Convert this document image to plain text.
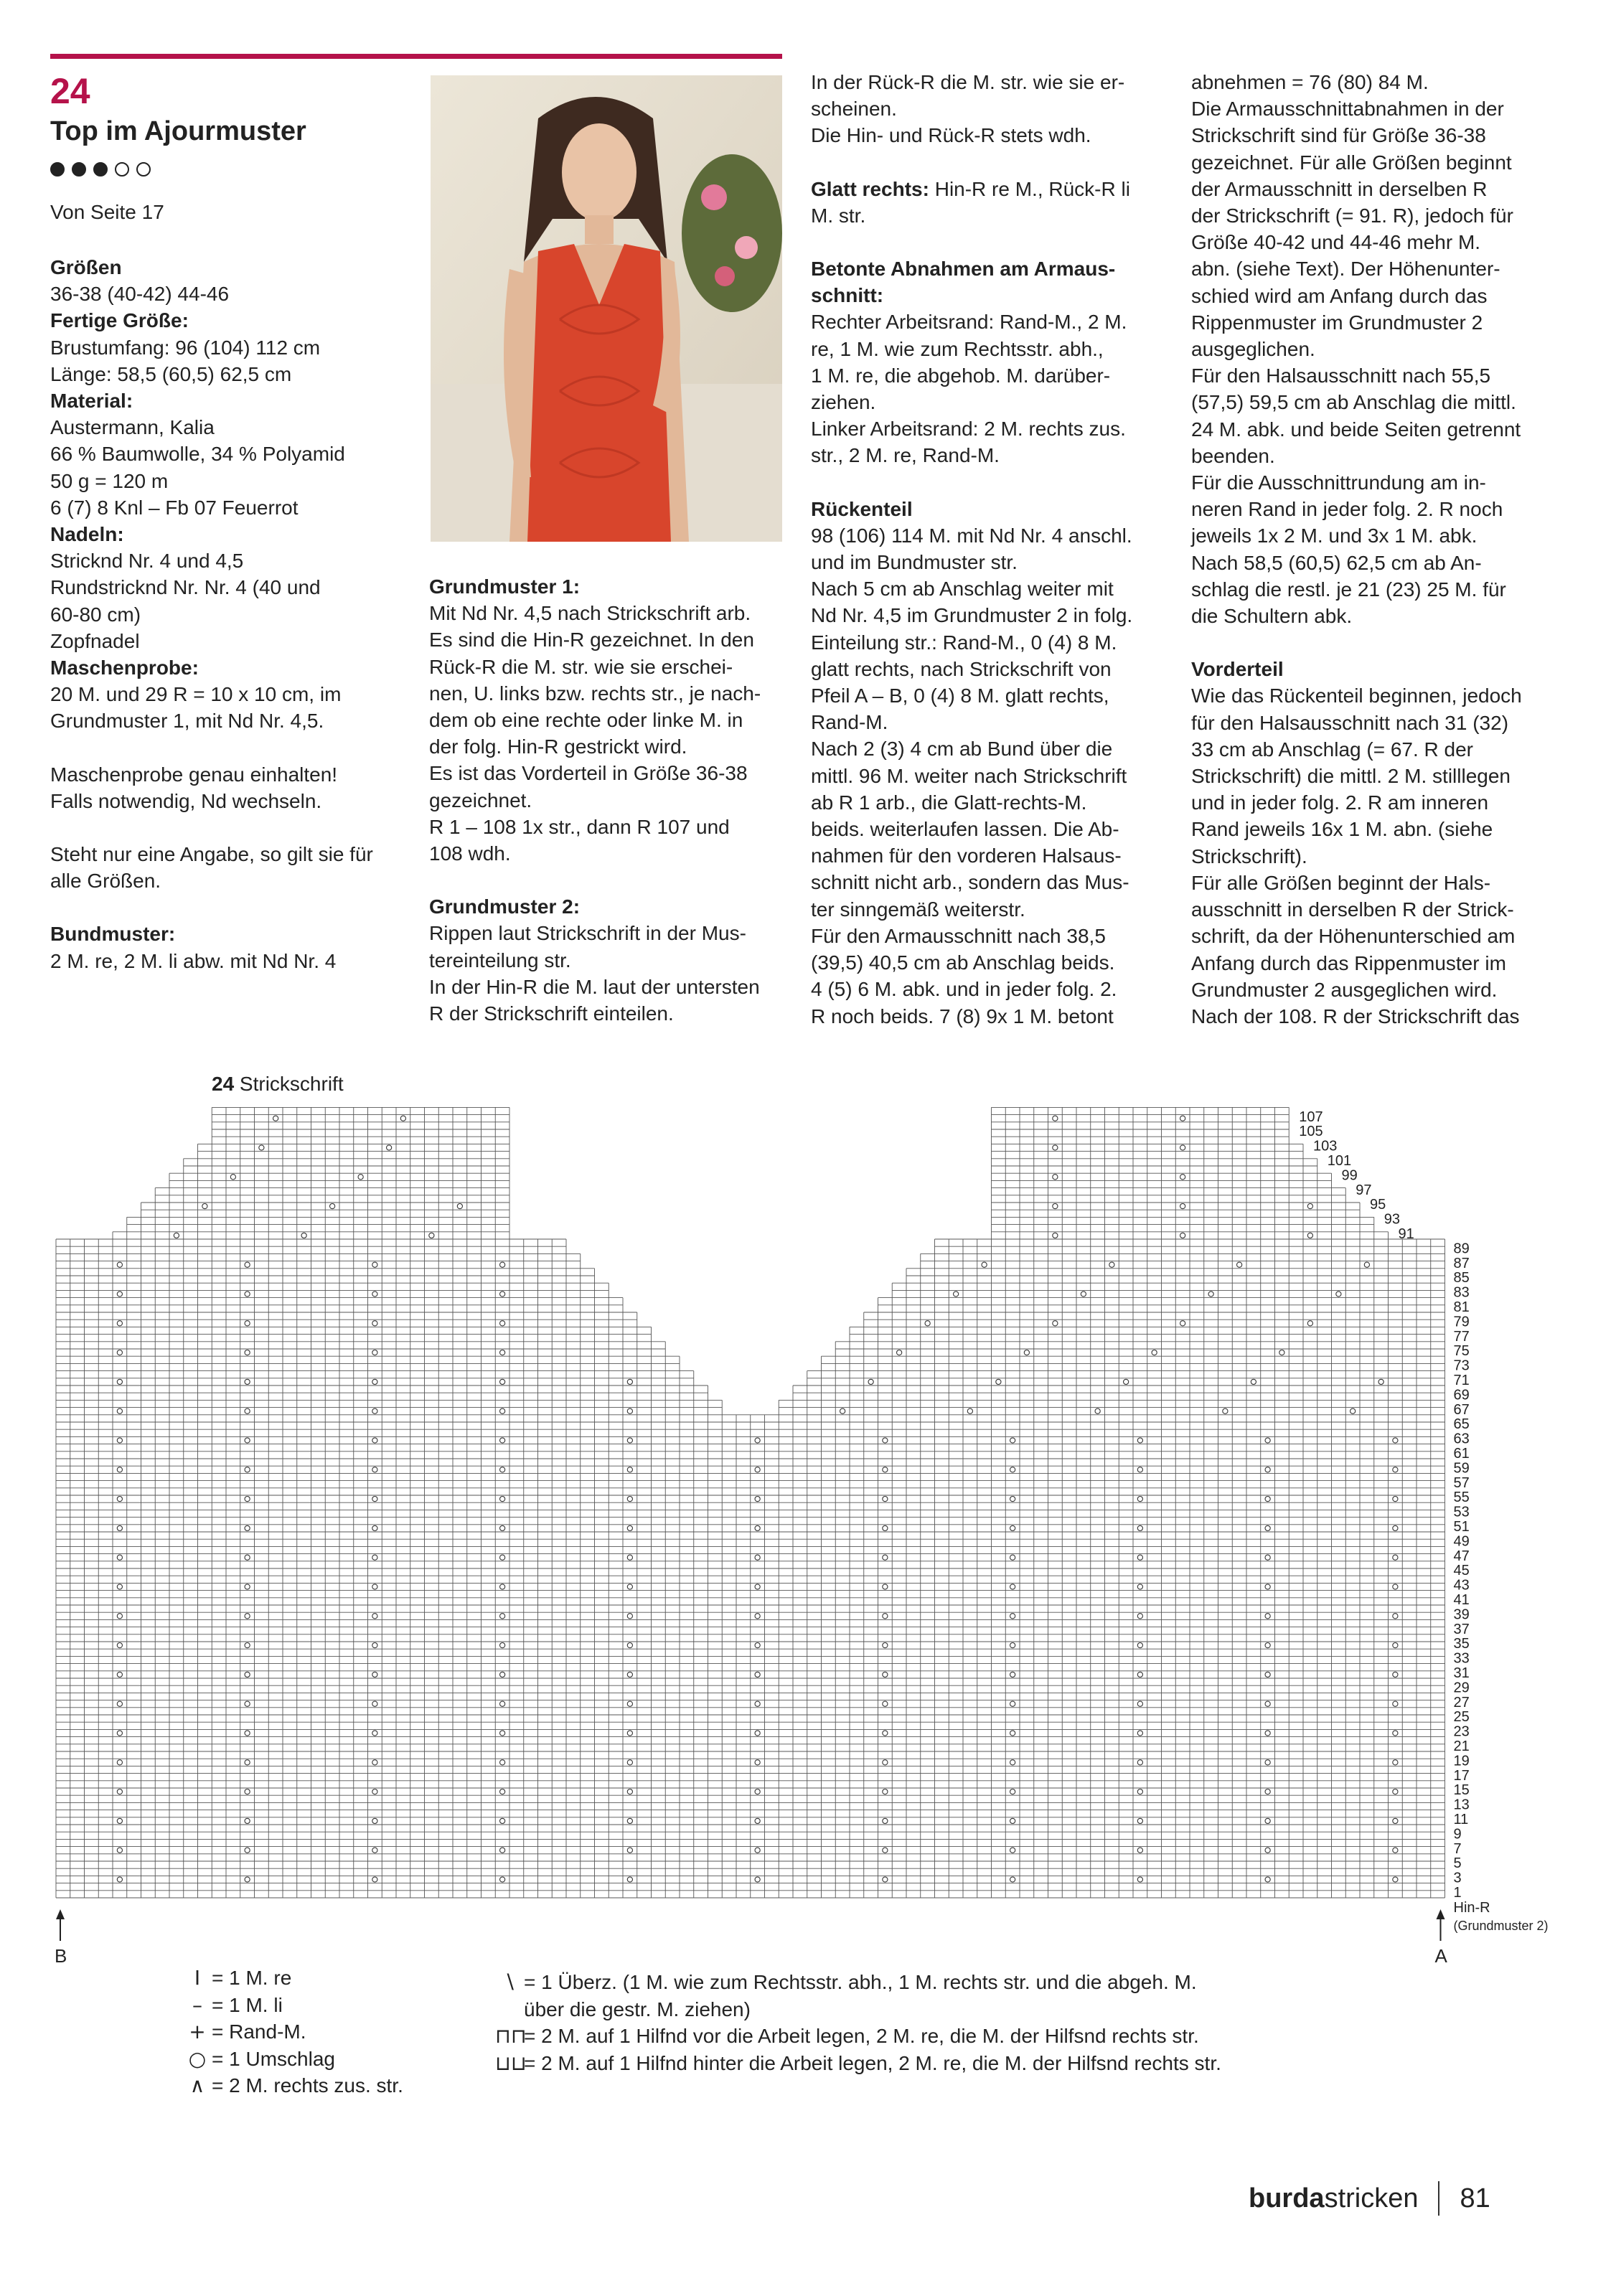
24
Top im Ajourmuster
Von Seite 17

Größen

36-38 (40-42) 44-46

Fertige Größe:

Brustumfang: 96 (104) 112 cm

Länge: 58,5 (60,5) 62,5 cm

Material:

Austermann, Kalia

66 % Baumwolle, 34 % Polyamid

50 g = 120 m

6 (7) 8 Knl – Fb 07 Feuerrot

Nadeln:

Stricknd Nr. 4 und 4,5

Rundstricknd Nr. Nr. 4 (40 und

60-80 cm)

Zopfnadel

Maschenprobe:

20 M. und 29 R = 10 x 10 cm, im

Grundmuster 1, mit Nd Nr. 4,5.

Maschenprobe genau einhalten!

Falls notwendig, Nd wechseln.

Steht nur eine Angabe, so gilt sie für

alle Größen.

Bundmuster:

2 M. re, 2 M. li abw. mit Nd Nr. 4

Grundmuster 1:

Mit Nd Nr. 4,5 nach Strickschrift arb.

Es sind die Hin-R gezeichnet. In den

Rück-R die M. str. wie sie erschei-

nen, U. links bzw. rechts str., je nach-

dem ob eine rechte oder linke M. in

der folg. Hin-R gestrickt wird.

Es ist das Vorderteil in Größe 36-38

gezeichnet.

R 1 – 108 1x str., dann R 107 und

108 wdh.

Grundmuster 2:

Rippen laut Strickschrift in der Mus-

tereinteilung str.

In der Hin-R die M. laut der untersten

R der Strickschrift einteilen.

In der Rück-R die M. str. wie sie er-

scheinen.

Die Hin- und Rück-R stets wdh.

Glatt rechts: Hin-R re M., Rück-R li

M. str.

Betonte Abnahmen am Armaus-

schnitt:

Rechter Arbeitsrand: Rand-M., 2 M.

re, 1 M. wie zum Rechtsstr. abh.,

1 M. re, die abgehob. M. darüber-

ziehen.

Linker Arbeitsrand: 2 M. rechts zus.

str., 2 M. re, Rand-M.

Rückenteil

98 (106) 114 M. mit Nd Nr. 4 anschl.

und im Bundmuster str.

Nach 5 cm ab Anschlag weiter mit

Nd Nr. 4,5 im Grundmuster 2 in folg.

Einteilung str.: Rand-M., 0 (4) 8 M.

glatt rechts, nach Strickschrift von

Pfeil A – B, 0 (4) 8 M. glatt rechts,

Rand-M.

Nach 2 (3) 4 cm ab Bund über die

mittl. 96 M. weiter nach Strickschrift

ab R 1 arb., die Glatt-rechts-M.

beids. weiterlaufen lassen. Die Ab-

nahmen für den vorderen Halsaus-

schnitt nicht arb., sondern das Mus-

ter sinngemäß weiterstr.

Für den Armausschnitt nach 38,5

(39,5) 40,5 cm ab Anschlag beids.

4 (5) 6 M. abk. und in jeder folg. 2.

R noch beids. 7 (8) 9x 1 M. betont

abnehmen = 76 (80) 84 M.

Die Armausschnittabnahmen in der

Strickschrift sind für Größe 36-38

gezeichnet. Für alle Größen beginnt

der Armausschnitt in derselben R

der Strickschrift (= 91. R), jedoch für

Größe 40-42 und 44-46 mehr M.

abn. (siehe Text). Der Höhenunter-

schied wird am Anfang durch das

Rippenmuster im Grundmuster 2

ausgeglichen.

Für den Halsausschnitt nach 55,5

(57,5) 59,5 cm ab Anschlag die mittl.

24 M. abk. und beide Seiten getrennt

beenden.

Für die Ausschnittrundung am in-

neren Rand in jeder folg. 2. R noch

jeweils 1x 2 M. und 3x 1 M. abk.

Nach 58,5 (60,5) 62,5 cm ab An-

schlag die restl. je 21 (23) 25 M. für

die Schultern abk.

Vorderteil

Wie das Rückenteil beginnen, jedoch

für den Halsausschnitt nach 31 (32)

33 cm ab Anschlag (= 67. R der

Strickschrift) die mittl. 2 M. stilllegen

und in jeder folg. 2. R am inneren

Rand jeweils 16x 1 M. abn. (siehe

Strickschrift).

Für alle Größen beginnt der Hals-

ausschnitt in derselben R der Strick-

schrift, da der Höhenunterschied am

Anfang durch das Rippenmuster im

Grundmuster 2 ausgeglichen wird.

Nach der 108. R der Strickschrift das

24 Strickschrift
89
87
85
83
81
79
77
75
73
71
69
67
65
63
61
59
57
55
53
51
49
47
45
43
41
39
37
35
33
31
29
27
25
23
21
19
17
15
13
11
9
7
5
3
1
107
105
103
101
99
97
95
93
91
Hin-R
(Grundmuster 2)
B	A
I = 1 M. re
– = 1 M. li
+ = Rand-M.
○ = 1 Umschlag
∧ = 2 M. rechts zus. str.
∖ = 1 Überz. (1 M. wie zum Rechtsstr. abh., 1 M. rechts str. und die abgeh. M.
über die gestr. M. ziehen)
⊓⊓
= 2 M. auf 1 Hilfnd vor die Arbeit legen, 2 M. re, die M. der Hilfsnd rechts str.
⊔⊔
= 2 M. auf 1 Hilfnd hinter die Arbeit legen, 2 M. re, die M. der Hilfsnd rechts str.
burdastricken 81
